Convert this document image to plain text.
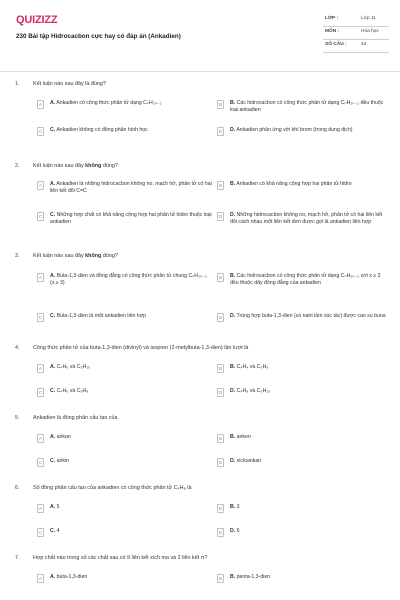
QUIZIZZ
230 Bài tập Hidrocacbon cực hay có đáp án (Ankadien)
LỚP :	Lớp 11
MÔN :	Hóa học
SỐ CÂU :	44
1.	Kết luận nào sau đây là đúng?
A	A. Ankadien có công thức phân tử dạng CₙH₂ₙ₋₂	B	B. Các hidrocacbon có công thức phân tử dạng CₙH₂ₙ₋₂ đều thuộc loại ankadien
C	C. Ankadien không có đồng phân hình học	D	D. Ankadien phản ứng với khí brom (trong dung dịch)
2.	Kết luận nào sau đây không đúng?
A	A. Ankadien là những hidrocacbon không no, mạch hở, phân tử có hai liên kết đôi C=C
B	B. Ankadien có khả năng cộng hợp hai phân tử hidro
C	C. Những hợp chất có khả năng cộng hợp hai phân tử hidro thuộc loại ankadien
D	D. Những hidrocacbon không no, mạch hở, phân tử có hai liên kết đôi cách nhau một liên kết đơn được gọi là ankadien liên hợp
3.	Kết luận nào sau đây không đúng?
A	A. Buta-1,3-dien và đồng đẳng có công thức phân tử chung CₙH₂ₙ₋₂ (x ≥ 3)
B	B. Các hidrocacbon có công thức phân tử dạng CₙH₂ₙ₋₂ với x ≥ 3 đều thuộc dãy đồng đẳng của ankadien
C	C. Buta-1,3-dien là một ankadien liên hợp	D	D. Trùng hợp buta-1,3-dien (có natri làm xúc tác) được cao su buna
4.	Công thức phân tử của buta-1,3-dien (divinyl) và isopren (2-metylbuta-1,3-dien) lần lượt là
A	A. C₄H₆ và C₅H₁₀	B	B. C₄H₄ và C₅H₈
C	C. C₄H₆ và C₅H₈	D	D. C₄H₈ và C₅H₁₀
5.	Ankadien là đồng phân cấu tạo của
A	A. ankan	B	B. anken
C	C. ankin	D	D. xicloankan
6.	Số đồng phân cấu tạo của ankadien có công thức phân tử C₅H₈ là
A	A. 5	B	B. 3
C	C. 4	D	D. 6
7.	Hợp chất nào trong số các chất sau có 9 liên kết xích ma và 2 liên kết π?
A	A. buta-1,3-dien	B	B. penta-1,3-dien
